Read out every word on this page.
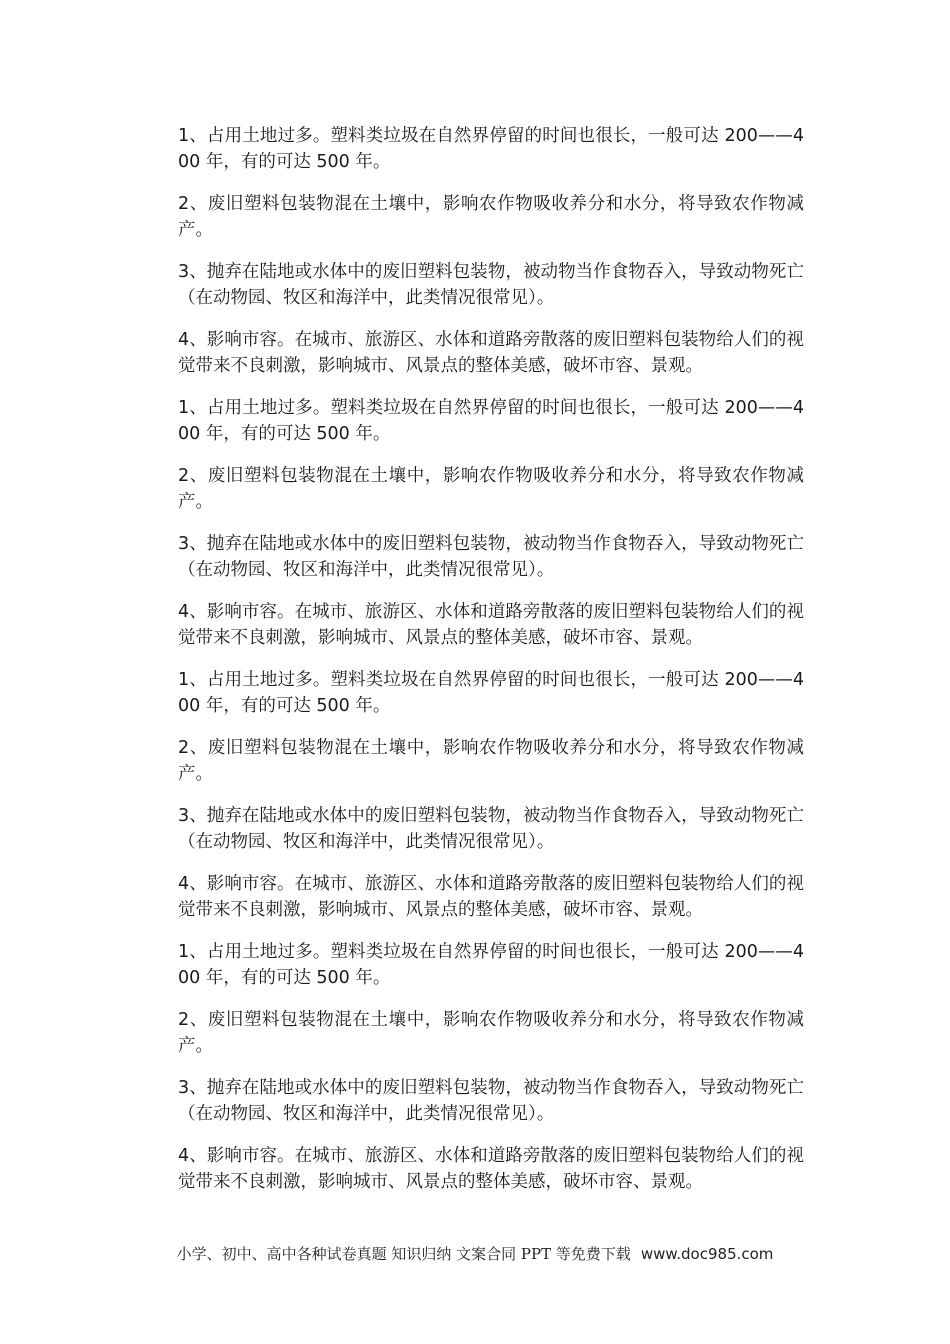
1、占用土地过多。塑料类垃圾在自然界停留的时间也很长，一般可达 200——400 年，有的可达 500 年。

2、废旧塑料包装物混在土壤中，影响农作物吸收养分和水分，将导致农作物减产。

3、抛弃在陆地或水体中的废旧塑料包装物，被动物当作食物吞入，导致动物死亡（在动物园、牧区和海洋中，此类情况很常见）。

4、影响市容。在城市、旅游区、水体和道路旁散落的废旧塑料包装物给人们的视觉带来不良刺激，影响城市、风景点的整体美感，破坏市容、景观。

1、占用土地过多。塑料类垃圾在自然界停留的时间也很长，一般可达 200——400 年，有的可达 500 年。

2、废旧塑料包装物混在土壤中，影响农作物吸收养分和水分，将导致农作物减产。

3、抛弃在陆地或水体中的废旧塑料包装物，被动物当作食物吞入，导致动物死亡（在动物园、牧区和海洋中，此类情况很常见）。

4、影响市容。在城市、旅游区、水体和道路旁散落的废旧塑料包装物给人们的视觉带来不良刺激，影响城市、风景点的整体美感，破坏市容、景观。

1、占用土地过多。塑料类垃圾在自然界停留的时间也很长，一般可达 200——400 年，有的可达 500 年。

2、废旧塑料包装物混在土壤中，影响农作物吸收养分和水分，将导致农作物减产。

3、抛弃在陆地或水体中的废旧塑料包装物，被动物当作食物吞入，导致动物死亡（在动物园、牧区和海洋中，此类情况很常见）。

4、影响市容。在城市、旅游区、水体和道路旁散落的废旧塑料包装物给人们的视觉带来不良刺激，影响城市、风景点的整体美感，破坏市容、景观。

1、占用土地过多。塑料类垃圾在自然界停留的时间也很长，一般可达 200——400 年，有的可达 500 年。

2、废旧塑料包装物混在土壤中，影响农作物吸收养分和水分，将导致农作物减产。

3、抛弃在陆地或水体中的废旧塑料包装物，被动物当作食物吞入，导致动物死亡（在动物园、牧区和海洋中，此类情况很常见）。

4、影响市容。在城市、旅游区、水体和道路旁散落的废旧塑料包装物给人们的视觉带来不良刺激，影响城市、风景点的整体美感，破坏市容、景观。

小学、初中、高中各种试卷真题 知识归纳 文案合同 PPT 等免费下载 www.doc985.com
